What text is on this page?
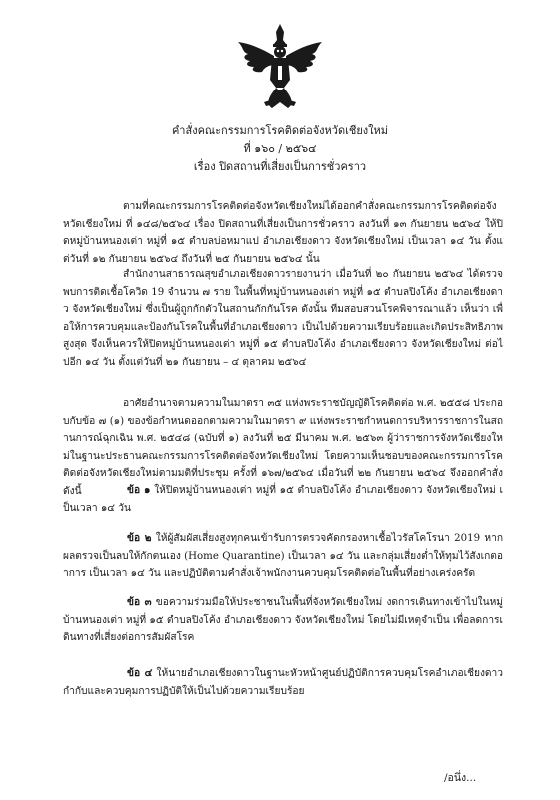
คำสั่งคณะกรรมการโรคติดต่อจังหวัดเชียงใหม่
ที่ ๑๖๐ / ๒๕๖๔
เรื่อง ปิดสถานที่เสี่ยงเป็นการชั่วคราว

ตามที่คณะกรรมการโรคติดต่อจังหวัดเชียงใหม่ได้ออกคำสั่งคณะกรรมการโรคติดต่อจังหวัดเชียงใหม่ ที่ ๑๔๘/๒๕๖๔ เรื่อง ปิดสถานที่เสี่ยงเป็นการชั่วคราว ลงวันที่ ๑๓ กันยายน ๒๕๖๔ ให้ปิดหมู่บ้านหนองเต่า หมู่ที่ ๑๕ ตำบลบ่อหมาแป อำเภอเชียงดาว จังหวัดเชียงใหม่ เป็นเวลา ๑๔ วัน ตั้งแต่วันที่ ๑๒ กันยายน ๒๕๖๔ ถึงวันที่ ๒๕ กันยายน ๒๕๖๔ นั้น

สำนักงานสาธารณสุขอำเภอเชียงดาวรายงานว่า เมื่อวันที่ ๒๐ กันยายน ๒๕๖๔ ได้ตรวจพบการติดเชื้อโควิด 19 จำนวน ๗ ราย ในพื้นที่หมู่บ้านหนองเต่า หมู่ที่ ๑๕ ตำบลปิงโค้ง อำเภอเชียงดาว จังหวัดเชียงใหม่ ซึ่งเป็นผู้ถูกกักตัวในสถานกักกันโรค ดังนั้น ทีมสอบสวนโรคพิจารณาแล้ว เห็นว่า เพื่อให้การควบคุมและป้องกันโรคในพื้นที่อำเภอเชียงดาว เป็นไปด้วยความเรียบร้อยและเกิดประสิทธิภาพสูงสุด จึงเห็นควรให้ปิดหมู่บ้านหนองเต่า หมู่ที่ ๑๕ ตำบลปิงโค้ง อำเภอเชียงดาว จังหวัดเชียงใหม่ ต่อไปอีก ๑๔ วัน ตั้งแต่วันที่ ๒๑ กันยายน – ๔ ตุลาคม ๒๕๖๔

อาศัยอำนาจตามความในมาตรา ๓๕ แห่งพระราชบัญญัติโรคติดต่อ พ.ศ. ๒๕๕๘ ประกอบกับข้อ ๗ (๑) ของข้อกำหนดออกตามความในมาตรา ๙ แห่งพระราชกำหนดการบริหารราชการในสถานการณ์ฉุกเฉิน พ.ศ. ๒๕๔๘ (ฉบับที่ ๑) ลงวันที่ ๒๕ มีนาคม พ.ศ. ๒๕๖๓ ผู้ว่าราชการจังหวัดเชียงใหม่ในฐานะประธานคณะกรรมการโรคติดต่อจังหวัดเชียงใหม่ โดยความเห็นชอบของคณะกรรมการโรคติดต่อจังหวัดเชียงใหม่ตามมติที่ประชุม ครั้งที่ ๑๖๗/๒๕๖๔ เมื่อวันที่ ๒๒ กันยายน ๒๕๖๔ จึงออกคำสั่ง ดังนี้	ข้อ ๑ ให้ปิดหมู่บ้านหนองเต่า หมู่ที่ ๑๕ ตำบลปิงโค้ง อำเภอเชียงดาว จังหวัดเชียงใหม่ เป็นเวลา ๑๔ วัน

ข้อ ๒ ให้ผู้สัมผัสเสี่ยงสูงทุกคนเข้ารับการตรวจคัดกรองหาเชื้อไวรัสโคโรนา 2019 หากผลตรวจเป็นลบให้กักตนเอง (Home Quarantine) เป็นเวลา ๑๔ วัน และกลุ่มเสี่ยงต่ำให้ทุมไว้สังเกตอาการ เป็นเวลา ๑๔ วัน และปฏิบัติตามคำสั่งเจ้าพนักงานควบคุมโรคติดต่อในพื้นที่อย่างเคร่งครัด

ข้อ ๓ ขอความร่วมมือให้ประชาชนในพื้นที่จังหวัดเชียงใหม่ งดการเดินทางเข้าไปในหมู่บ้านหนองเต่า หมู่ที่ ๑๕ ตำบลปิงโค้ง อำเภอเชียงดาว จังหวัดเชียงใหม่ โดยไม่มีเหตุจำเป็น เพื่อลดการเดินทางที่เสี่ยงต่อการสัมผัสโรค

ข้อ ๔ ให้นายอำเภอเชียงดาวในฐานะหัวหน้าศูนย์ปฏิบัติการควบคุมโรคอำเภอเชียงดาว กำกับและควบคุมการปฏิบัติให้เป็นไปด้วยความเรียบร้อย

/อนึ่ง...
